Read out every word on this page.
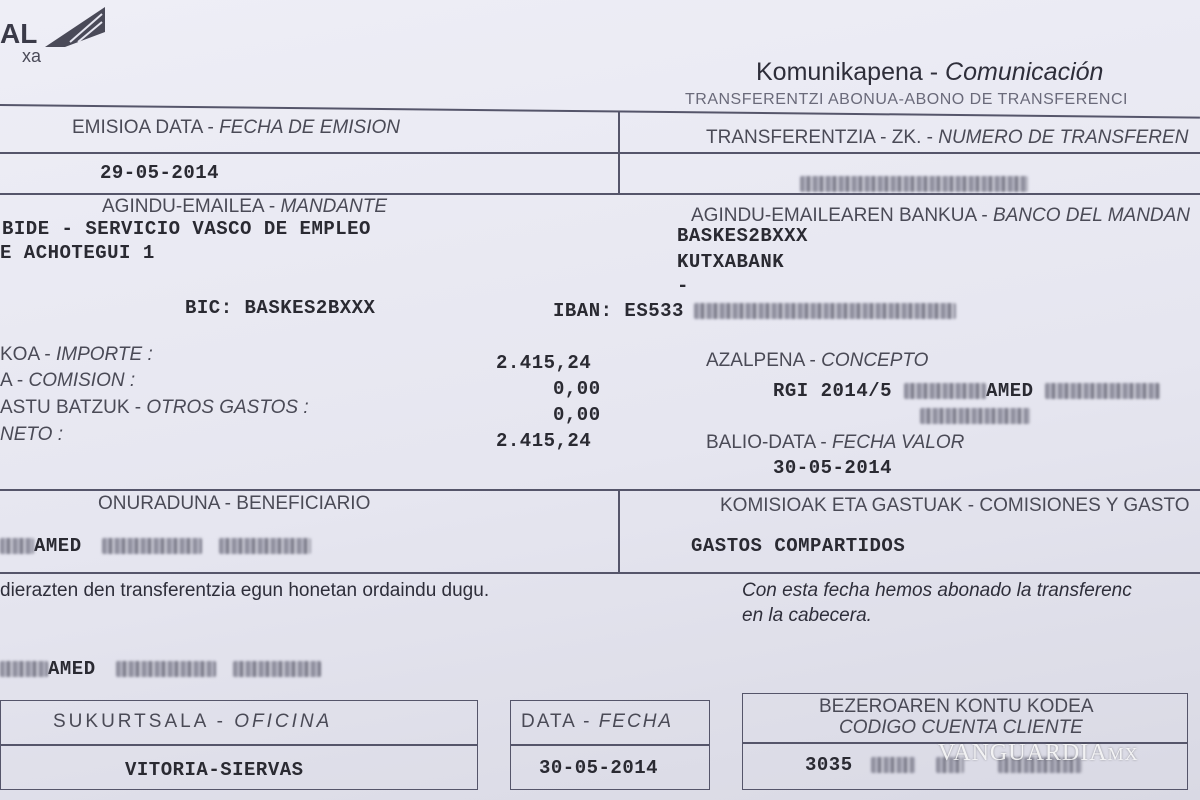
AL
xa
Komunikapena - Comunicación
TRANSFERENTZI ABONUA-ABONO DE TRANSFERENCI
EMISIOA DATA - FECHA DE EMISION
29-05-2014
TRANSFERENTZIA - ZK. - NUMERO DE TRANSFEREN
AGINDU-EMAILEA - MANDANTE
BIDE - SERVICIO VASCO DE EMPLEO
E ACHOTEGUI 1
AGINDU-EMAILEAREN BANKUA - BANCO DEL MANDAN
BASKES2BXXX
KUTXABANK
-
BIC: BASKES2BXXX	IBAN: ES533
KOA - IMPORTE :	2.415,24
A - COMISION :	0,00
ASTU BATZUK - OTROS GASTOS :	0,00
NETO :	2.415,24
AZALPENA - CONCEPTO
RGI 2014/5	AMED
BALIO-DATA - FECHA VALOR
30-05-2014
ONURADUNA - BENEFICIARIO
AMED
KOMISIOAK ETA GASTUAK - COMISIONES Y GASTO
GASTOS COMPARTIDOS
dierazten den transferentzia egun honetan ordaindu dugu.	Con esta fecha hemos abonado la transferenc
en la cabecera.
AMED
SUKURTSALA - OFICINA
VITORIA-SIERVAS
DATA - FECHA
30-05-2014
BEZEROAREN KONTU KODEA
CODIGO CUENTA CLIENTE
3035	VANGUARDIAMX
